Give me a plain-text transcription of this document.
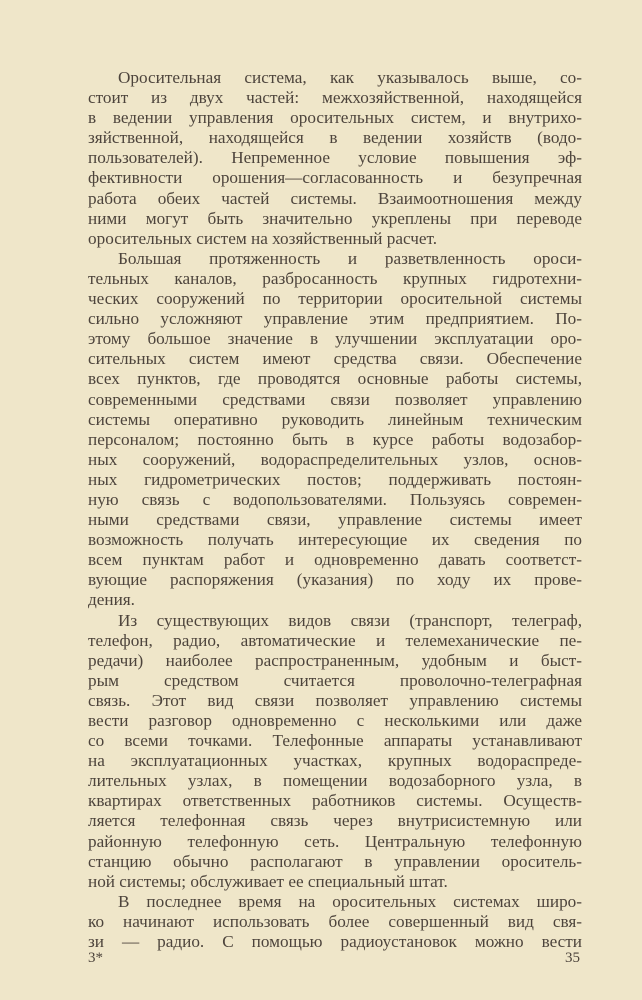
Оросительная система, как указывалось выше, со-
стоит из двух частей: межхозяйственной, находящейся
в ведении управления оросительных систем, и внутрихо-
зяйственной, находящейся в ведении хозяйств (водо-
пользователей). Непременное условие повышения эф-
фективности орошения—согласованность и безупречная
работа обеих частей системы. Взаимоотношения между
ними могут быть значительно укреплены при переводе
оросительных систем на хозяйственный расчет.
Большая протяженность и разветвленность ороси-
тельных каналов, разбросанность крупных гидротехни-
ческих сооружений по территории оросительной системы
сильно усложняют управление этим предприятием. По-
этому большое значение в улучшении эксплуатации оро-
сительных систем имеют средства связи. Обеспечение
всех пунктов, где проводятся основные работы системы,
современными средствами связи позволяет управлению
системы оперативно руководить линейным техническим
персоналом; постоянно быть в курсе работы водозабор-
ных сооружений, водораспределительных узлов, основ-
ных гидрометрических постов; поддерживать постоян-
ную связь с водопользователями. Пользуясь современ-
ными средствами связи, управление системы имеет
возможность получать интересующие их сведения по
всем пунктам работ и одновременно давать соответст-
вующие распоряжения (указания) по ходу их прове-
дения.
Из существующих видов связи (транспорт, телеграф,
телефон, радио, автоматические и телемеханические пе-
редачи) наиболее распространенным, удобным и быст-
рым средством считается проволочно-телеграфная
связь. Этот вид связи позволяет управлению системы
вести разговор одновременно с несколькими или даже
со всеми точками. Телефонные аппараты устанавливают
на эксплуатационных участках, крупных водораспреде-
лительных узлах, в помещении водозаборного узла, в
квартирах ответственных работников системы. Осуществ-
ляется телефонная связь через внутрисистемную или
районную телефонную сеть. Центральную телефонную
станцию обычно располагают в управлении ороситель-
ной системы; обслуживает ее специальный штат.
В последнее время на оросительных системах широ-
ко начинают использовать более совершенный вид свя-
зи — радио. С помощью радиоустановок можно вести
3*	35
